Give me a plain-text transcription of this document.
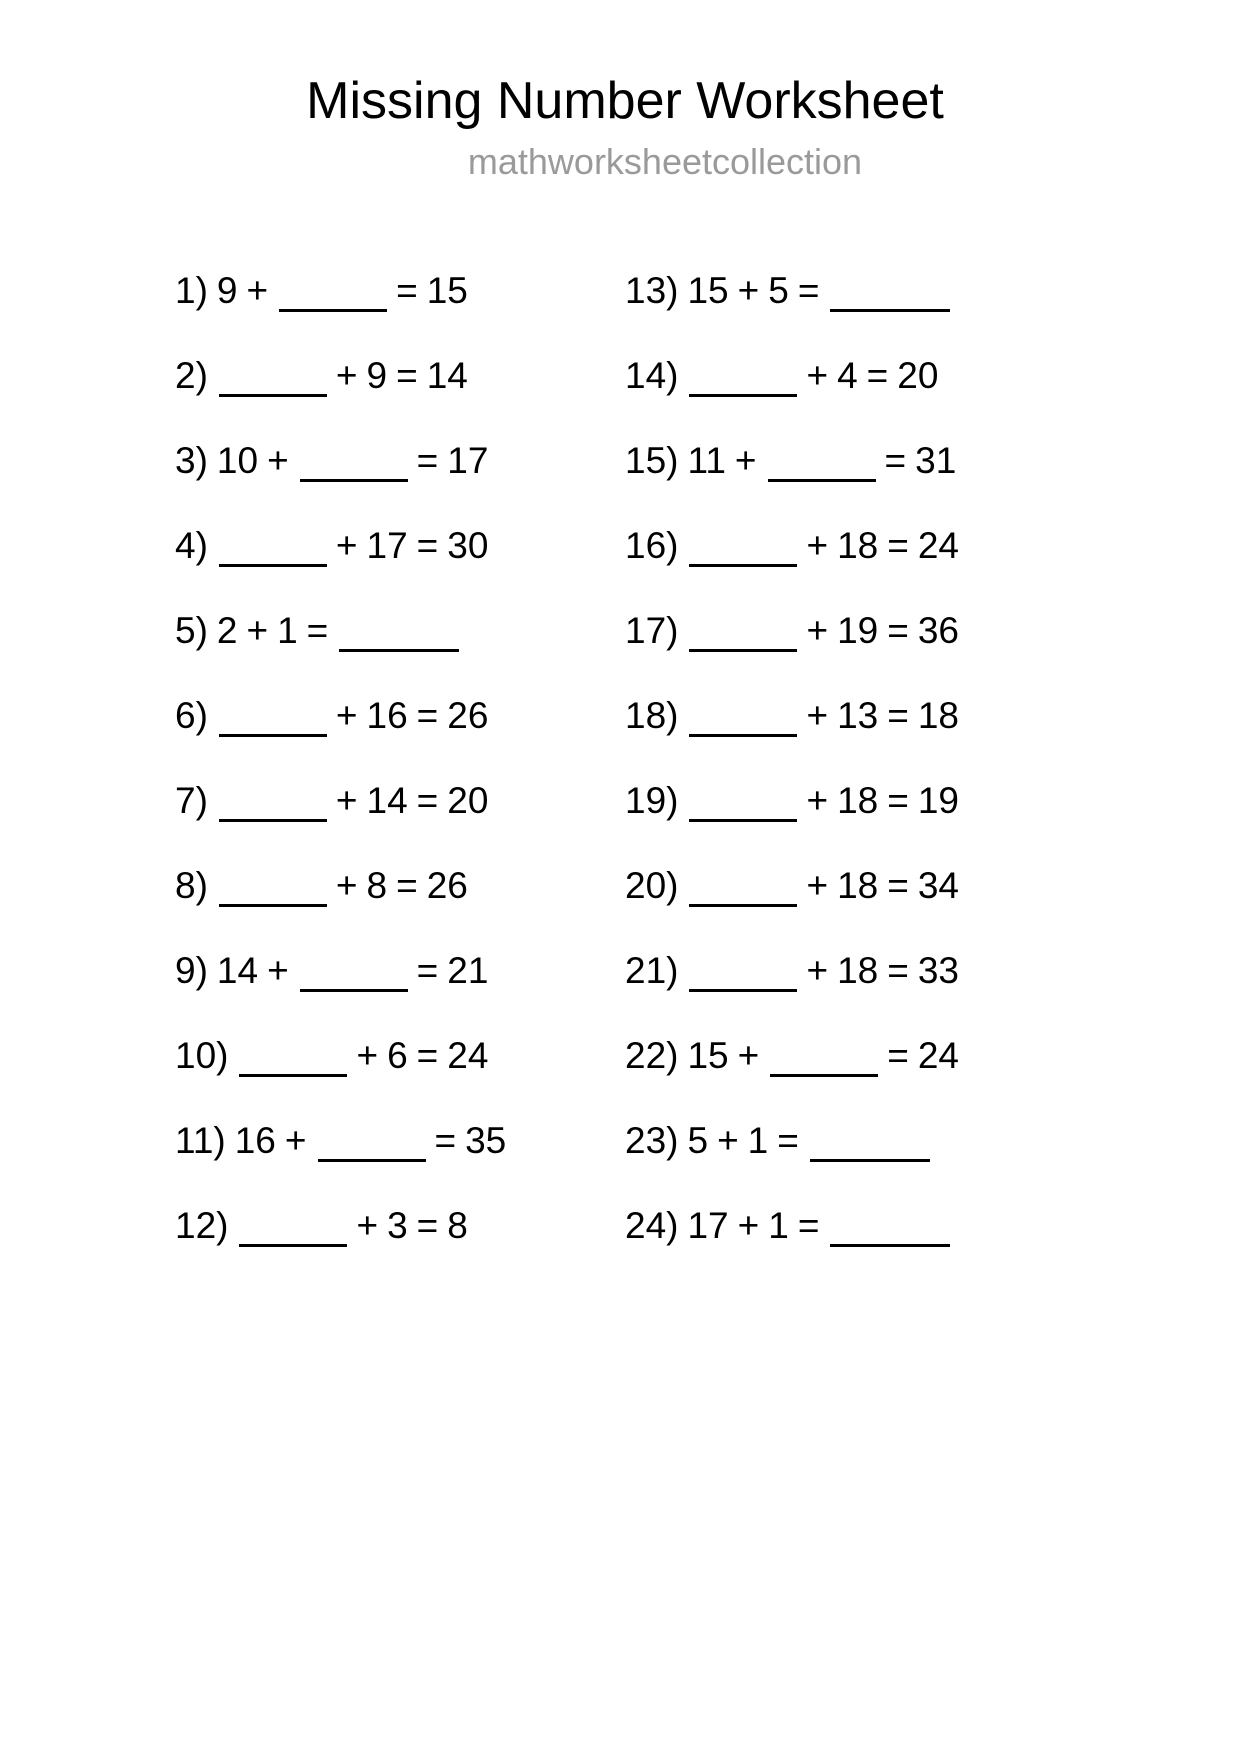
Missing Number Worksheet
mathworksheetcollection
1) 9 +	= 15
2)	+ 9 = 14
3) 10 +	= 17
4)	+ 17 = 30
5) 2 + 1 =
6)	+ 16 = 26
7)	+ 14 = 20
8)	+ 8 = 26
9) 14 +	= 21
10)	+ 6 = 24
11) 16 +	= 35
12)	+ 3 = 8
13) 15 + 5 =
14)	+ 4 = 20
15) 11 +	= 31
16)	+ 18 = 24
17)	+ 19 = 36
18)	+ 13 = 18
19)	+ 18 = 19
20)	+ 18 = 34
21)	+ 18 = 33
22) 15 +	= 24
23) 5 + 1 =
24) 17 + 1 =
